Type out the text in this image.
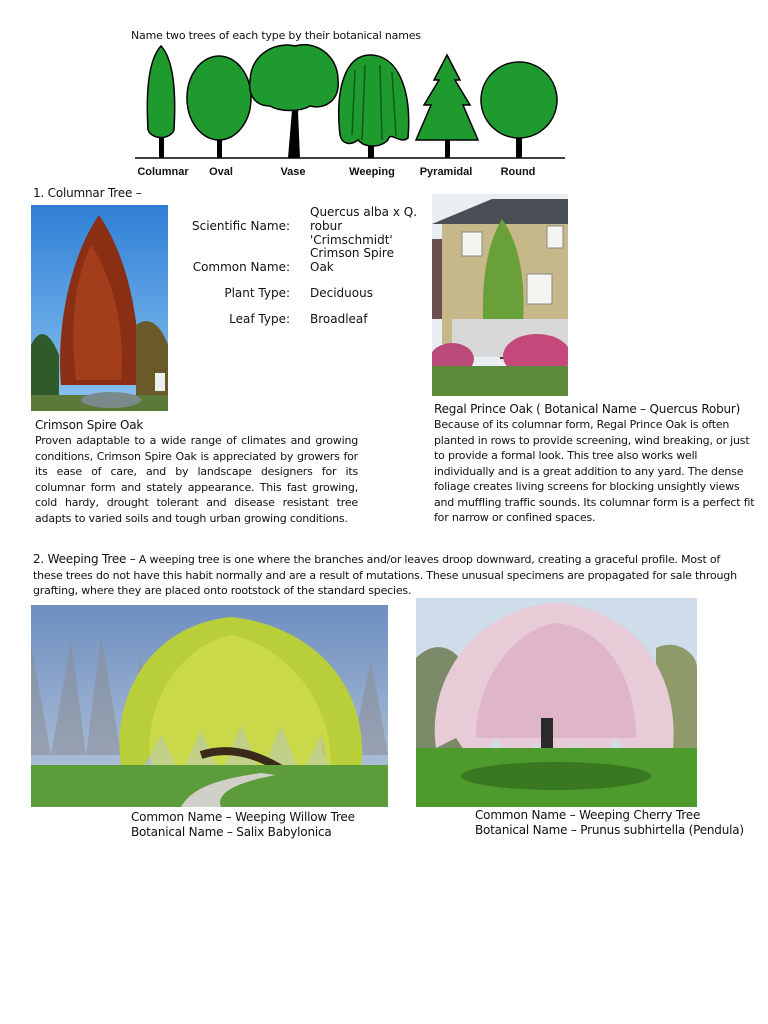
Name two trees of each type by their botanical names
Columnar	Oval	Vase	Weeping	Pyramidal	Round
1. Columnar Tree –
Scientific Name:
Quercus alba x Q. robur 'Crimschmidt'
Common Name:
Crimson Spire Oak
Plant Type: Deciduous
Leaf Type: Broadleaf
Crimson Spire Oak
Proven adaptable to a wide range of climates and growing conditions, Crimson Spire Oak is appreciated by growers for its ease of care, and by landscape designers for its columnar form and stately appearance. This fast growing, cold hardy, drought tolerant and disease resistant tree adapts to varied soils and tough urban growing conditions.
Regal Prince Oak ( Botanical Name – Quercus Robur)
Because of its columnar form, Regal Prince Oak is often planted in rows to provide screening, wind breaking, or just to provide a formal look. This tree also works well individually and is a great addition to any yard. The dense foliage creates living screens for blocking unsightly views and muffling traffic sounds. Its columnar form is a perfect fit for narrow or confined spaces.
2. Weeping Tree – A weeping tree is one where the branches and/or leaves droop downward, creating a graceful profile. Most of these trees do not have this habit normally and are a result of mutations. These unusual specimens are propagated for sale through grafting, where they are placed onto rootstock of the standard species.
Common Name – Weeping Willow Tree
Botanical Name – Salix Babylonica
Common Name – Weeping Cherry Tree
Botanical Name – Prunus subhirtella (Pendula)
